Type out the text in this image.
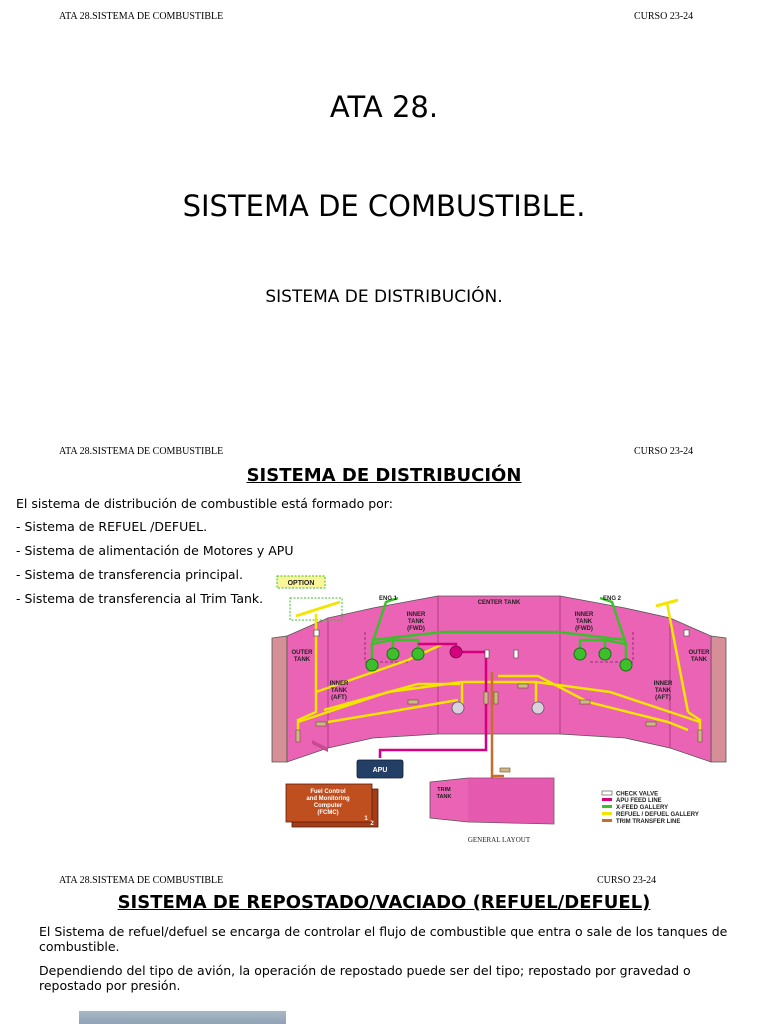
ATA 28.SISTEMA DE COMBUSTIBLE	CURSO 23-24
ATA 28.
SISTEMA DE COMBUSTIBLE.
SISTEMA DE DISTRIBUCIÓN.
ATA 28.SISTEMA DE COMBUSTIBLE	CURSO 23-24
SISTEMA DE DISTRIBUCIÓN
El sistema de distribución de combustible está formado por:
- Sistema de REFUEL /DEFUEL.
- Sistema de alimentación de Motores y APU
- Sistema de transferencia principal.
- Sistema de transferencia al Trim Tank.
OPTION
ENG 1	ENG 2
CENTER TANK
INNER
TANK
(FWD)
INNER
TANK
(FWD)
OUTER
TANK
OUTER
TANK
INNER
TANK
(AFT)
INNER
TANK
(AFT)
APU
Fuel Control
and Monitoring
Computer
(FCMC)
1
2
TRIM
TANK
GENERAL LAYOUT
CHECK VALVE
APU FEED LINE
X-FEED GALLERY
REFUEL / DEFUEL GALLERY
TRIM TRANSFER LINE
ATA 28.SISTEMA DE COMBUSTIBLE	CURSO 23-24
SISTEMA DE REPOSTADO/VACIADO (REFUEL/DEFUEL)
El Sistema de refuel/defuel se encarga de controlar el flujo de combustible que entra o sale de los tanques de combustible.
Dependiendo del tipo de avión, la operación de repostado puede ser del tipo; repostado por gravedad o repostado por presión.
